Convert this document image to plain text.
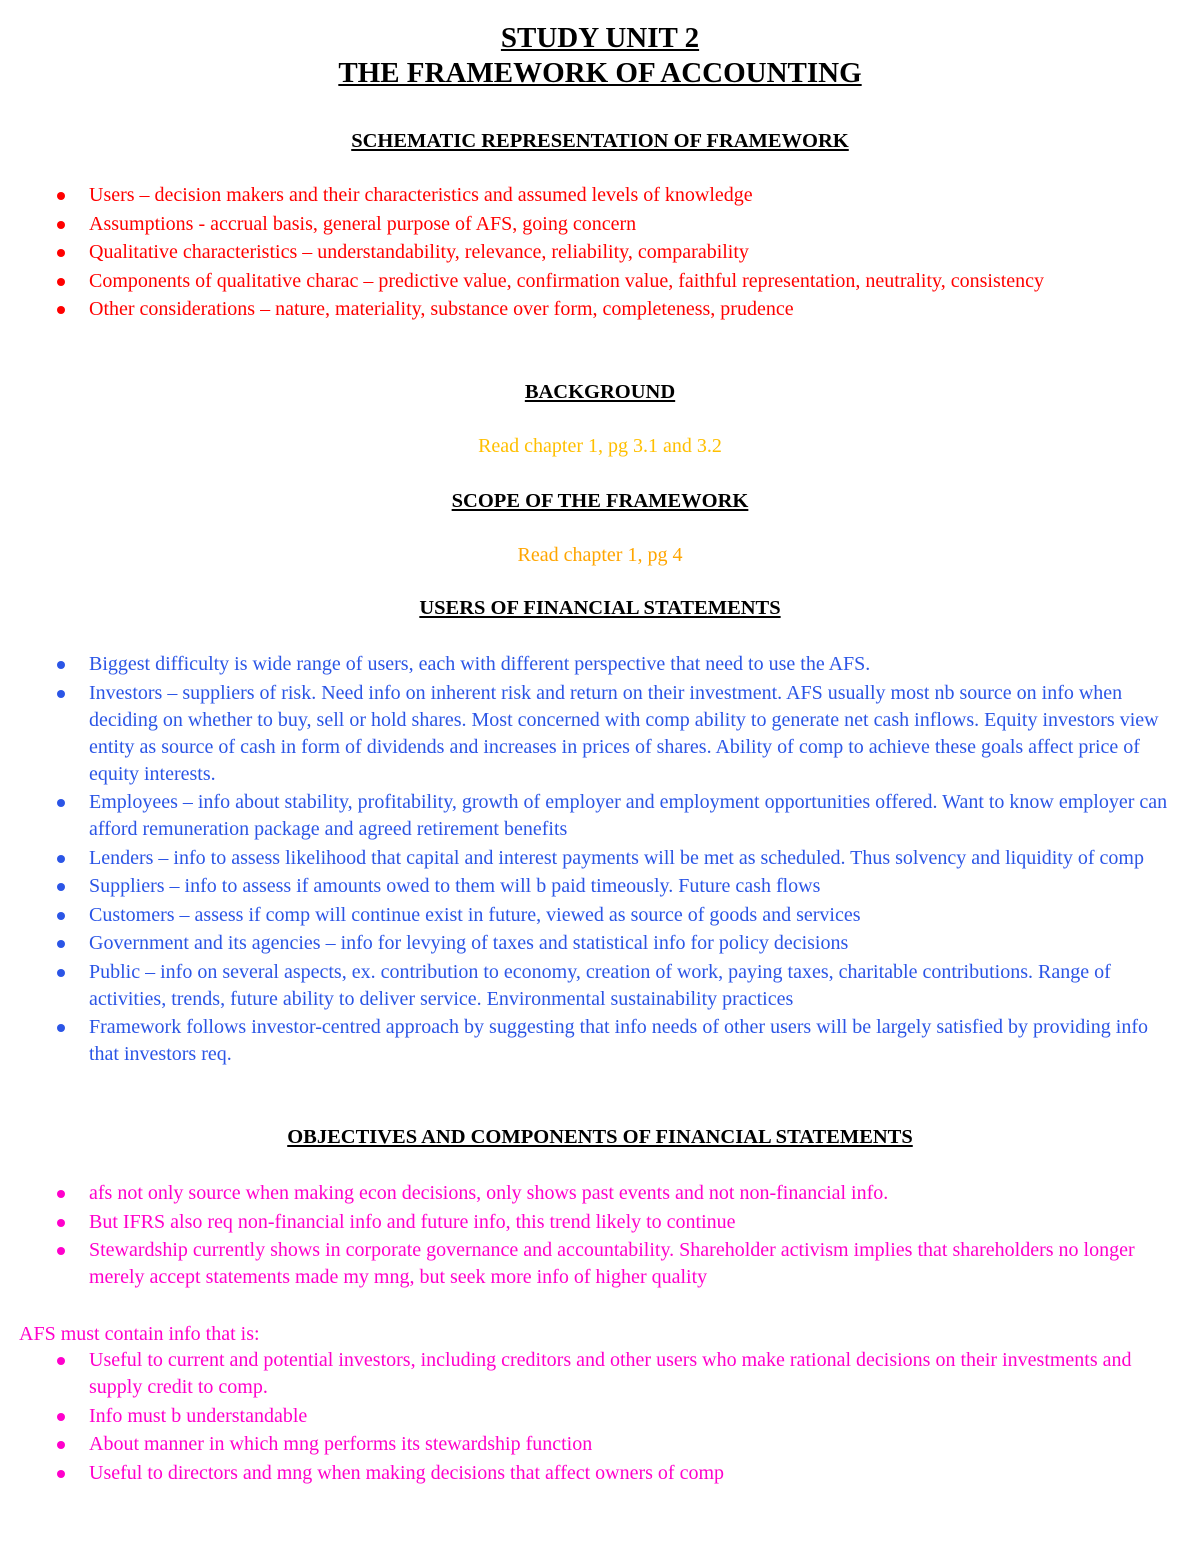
STUDY UNIT 2
THE FRAMEWORK OF ACCOUNTING
SCHEMATIC REPRESENTATION OF FRAMEWORK
Users – decision makers and their characteristics and assumed levels of knowledge
Assumptions - accrual basis, general purpose of AFS, going concern
Qualitative characteristics – understandability, relevance, reliability, comparability
Components of qualitative charac – predictive value, confirmation value, faithful representation, neutrality, consistency
Other considerations – nature, materiality, substance over form, completeness, prudence
BACKGROUND
Read chapter 1, pg 3.1 and 3.2
SCOPE OF THE FRAMEWORK
Read chapter 1, pg 4
USERS OF FINANCIAL STATEMENTS
Biggest difficulty is wide range of users, each with different perspective that need to use the AFS.
Investors – suppliers of risk. Need info on inherent risk and return on their investment. AFS usually most nb source on info when deciding on whether to buy, sell or hold shares. Most concerned with comp ability to generate net cash inflows. Equity investors view entity as source of cash in form of dividends and increases in prices of shares. Ability of comp to achieve these goals affect price of equity interests.
Employees – info about stability, profitability, growth of employer and employment opportunities offered. Want to know employer can afford remuneration package and agreed retirement benefits
Lenders – info to assess likelihood that capital and interest payments will be met as scheduled. Thus solvency and liquidity of comp
Suppliers – info to assess if amounts owed to them will b paid timeously. Future cash flows
Customers – assess if comp will continue exist in future, viewed as source of goods and services
Government and its agencies – info for levying of taxes and statistical info for policy decisions
Public – info on several aspects, ex. contribution to economy, creation of work, paying taxes, charitable contributions. Range of activities, trends, future ability to deliver service. Environmental sustainability practices
Framework follows investor-centred approach by suggesting that info needs of other users will be largely satisfied by providing info that investors req.
OBJECTIVES AND COMPONENTS OF FINANCIAL STATEMENTS
afs not only source when making econ decisions, only shows past events and not non-financial info.
But IFRS also req non-financial info and future info, this trend likely to continue
Stewardship currently shows in corporate governance and accountability. Shareholder activism implies that shareholders no longer merely accept statements made my mng, but seek more info of higher quality
AFS must contain info that is:
Useful to current and potential investors, including creditors and other users who make rational decisions on their investments and supply credit to comp.
Info must b understandable
About manner in which mng performs its stewardship function
Useful to directors and mng when making decisions that affect owners of comp
